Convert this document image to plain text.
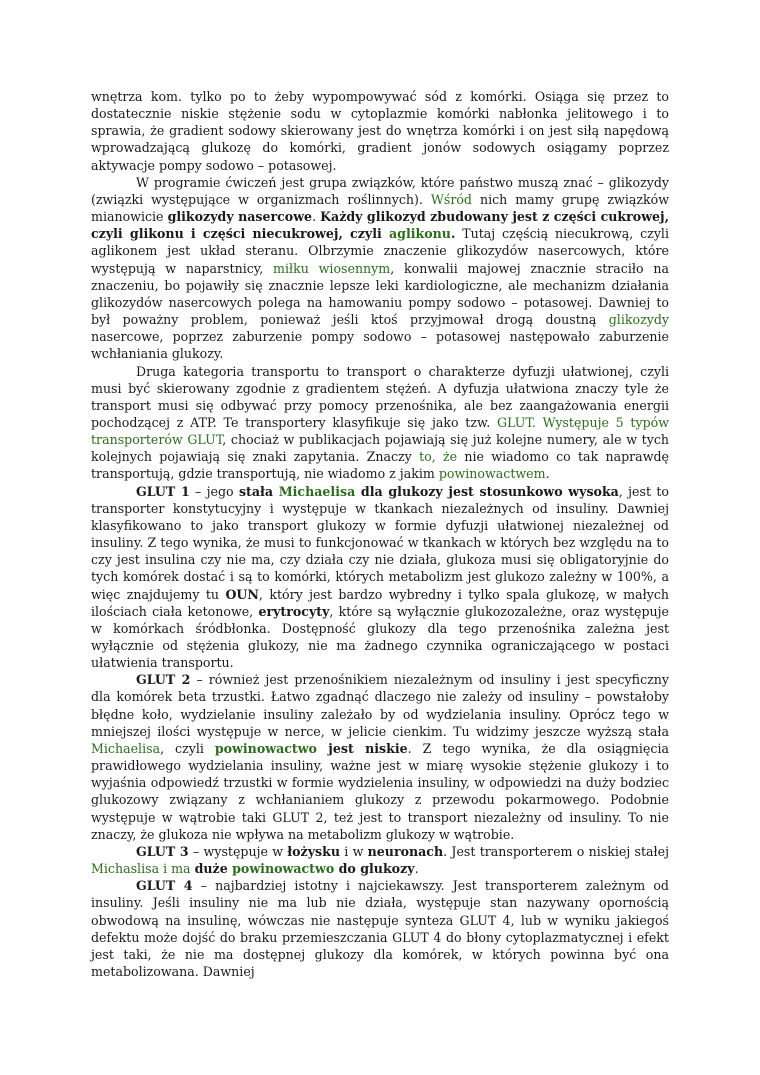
wnętrza kom. tylko po to żeby wypompowywać sód z komórki. Osiąga się przez to dostatecznie niskie stężenie sodu w cytoplazmie komórki nabłonka jelitowego i to sprawia, że gradient sodowy skierowany jest do wnętrza komórki i on jest siłą napędową wprowadzającą glukozę do komórki, gradient jonów sodowych osiągamy poprzez aktywacje pompy sodowo – potasowej.

W programie ćwiczeń jest grupa związków, które państwo muszą znać – glikozydy (związki występujące w organizmach roślinnych). Wśród nich mamy grupę związków mianowicie glikozydy nasercowe. Każdy glikozyd zbudowany jest z części cukrowej, czyli glikonu i części niecukrowej, czyli aglikonu. Tutaj częścią niecukrową, czyli aglikonem jest układ steranu. Olbrzymie znaczenie glikozydów nasercowych, które występują w naparstnicy, miłku wiosennym, konwalii majowej znacznie straciło na znaczeniu, bo pojawiły się znacznie lepsze leki kardiologiczne, ale mechanizm działania glikozydów nasercowych polega na hamowaniu pompy sodowo – potasowej. Dawniej to był poważny problem, ponieważ jeśli ktoś przyjmował drogą doustną glikozydy nasercowe, poprzez zaburzenie pompy sodowo – potasowej następowało zaburzenie wchłaniania glukozy.

Druga kategoria transportu to transport o charakterze dyfuzji ułatwionej, czyli musi być skierowany zgodnie z gradientem stężeń. A dyfuzja ułatwiona znaczy tyle że transport musi się odbywać przy pomocy przenośnika, ale bez zaangażowania energii pochodzącej z ATP. Te transportery klasyfikuje się jako tzw. GLUT. Występuje 5 typów transporterów GLUT, chociaż w publikacjach pojawiają się już kolejne numery, ale w tych kolejnych pojawiają się znaki zapytania. Znaczy to, że nie wiadomo co tak naprawdę transportują, gdzie transportują, nie wiadomo z jakim powinowactwem.

GLUT 1 – jego stała Michaelisa dla glukozy jest stosunkowo wysoka, jest to transporter konstytucyjny i występuje w tkankach niezależnych od insuliny. Dawniej klasyfikowano to jako transport glukozy w formie dyfuzji ułatwionej niezależnej od insuliny. Z tego wynika, że musi to funkcjonować w tkankach w których bez względu na to czy jest insulina czy nie ma, czy działa czy nie działa, glukoza musi się obligatoryjnie do tych komórek dostać i są to komórki, których metabolizm jest glukozo zależny w 100%, a więc znajdujemy tu OUN, który jest bardzo wybredny i tylko spala glukozę, w małych ilościach ciała ketonowe, erytrocyty, które są wyłącznie glukozozależne, oraz występuje w komórkach śródbłonka. Dostępność glukozy dla tego przenośnika zależna jest wyłącznie od stężenia glukozy, nie ma żadnego czynnika ograniczającego w postaci ułatwienia transportu.

GLUT 2 – również jest przenośnikiem niezależnym od insuliny i jest specyficzny dla komórek beta trzustki. Łatwo zgadnąć dlaczego nie zależy od insuliny – powstałoby błędne koło, wydzielanie insuliny zależało by od wydzielania insuliny. Oprócz tego w mniejszej ilości występuje w nerce, w jelicie cienkim. Tu widzimy jeszcze wyższą stała Michaelisa, czyli powinowactwo jest niskie. Z tego wynika, że dla osiągnięcia prawidłowego wydzielania insuliny, ważne jest w miarę wysokie stężenie glukozy i to wyjaśnia odpowiedź trzustki w formie wydzielenia insuliny, w odpowiedzi na duży bodziec glukozowy związany z wchłanianiem glukozy z przewodu pokarmowego. Podobnie występuje w wątrobie taki GLUT 2, też jest to transport niezależny od insuliny. To nie znaczy, że glukoza nie wpływa na metabolizm glukozy w wątrobie.

GLUT 3 – występuje w łożysku i w neuronach. Jest transporterem o niskiej stałej Michaslisa i ma duże powinowactwo do glukozy.

GLUT 4 – najbardziej istotny i najciekawszy. Jest transporterem zależnym od insuliny. Jeśli insuliny nie ma lub nie działa, występuje stan nazywany opornością obwodową na insulinę, wówczas nie następuje synteza GLUT 4, lub w wyniku jakiegoś defektu może dojść do braku przemieszczania GLUT 4 do błony cytoplazmatycznej i efekt jest taki, że nie ma dostępnej glukozy dla komórek, w których powinna być ona metabolizowana. Dawniej
